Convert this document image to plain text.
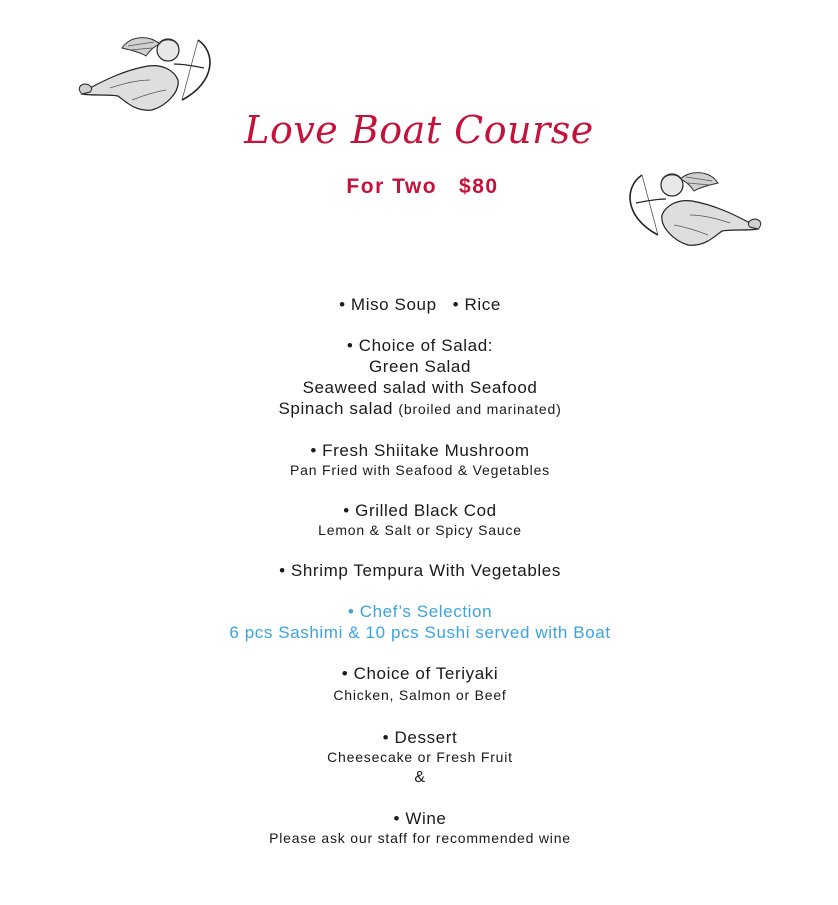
Love Boat Course
For Two   $80
• Miso Soup   • Rice
• Choice of Salad:
Green Salad
Seaweed salad with Seafood
Spinach salad (broiled and marinated)
• Fresh Shiitake Mushroom
Pan Fried with Seafood & Vegetables
• Grilled Black Cod
Lemon & Salt or Spicy Sauce
• Shrimp Tempura With Vegetables
• Chef’s Selection
6 pcs Sashimi & 10 pcs Sushi served with Boat
• Choice of Teriyaki
Chicken, Salmon or Beef
• Dessert
Cheesecake or Fresh Fruit
&
• Wine
Please ask our staff for recommended wine
